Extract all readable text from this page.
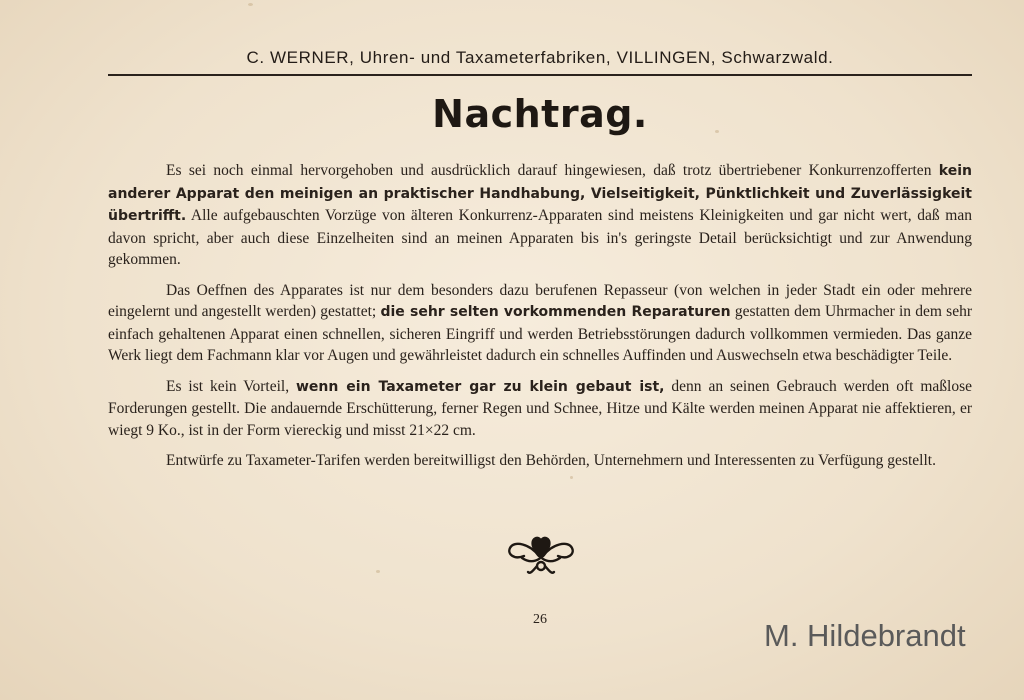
C. WERNER, Uhren- und Taxameterfabriken, VILLINGEN, Schwarzwald.
Nachtrag.

Es sei noch einmal hervorgehoben und ausdrücklich darauf hingewiesen, daß trotz übertriebener Konkurrenzofferten kein anderer Apparat den meinigen an praktischer Handhabung, Vielseitigkeit, Pünktlichkeit und Zuverlässigkeit übertrifft. Alle aufgebauschten Vorzüge von älteren Konkurrenz-Apparaten sind meistens Kleinigkeiten und gar nicht wert, daß man davon spricht, aber auch diese Einzelheiten sind an meinen Apparaten bis in's geringste Detail berücksichtigt und zur Anwendung gekommen.

Das Oeffnen des Apparates ist nur dem besonders dazu berufenen Repasseur (von welchen in jeder Stadt ein oder mehrere eingelernt und angestellt werden) gestattet; die sehr selten vorkommenden Reparaturen gestatten dem Uhrmacher in dem sehr einfach gehaltenen Apparat einen schnellen, sicheren Eingriff und werden Betriebsstörungen dadurch vollkommen vermieden. Das ganze Werk liegt dem Fachmann klar vor Augen und gewährleistet dadurch ein schnelles Auffinden und Auswechseln etwa beschädigter Teile.

Es ist kein Vorteil, wenn ein Taxameter gar zu klein gebaut ist, denn an seinen Gebrauch werden oft maßlose Forderungen gestellt. Die andauernde Erschütterung, ferner Regen und Schnee, Hitze und Kälte werden meinen Apparat nie affektieren, er wiegt 9 Ko., ist in der Form viereckig und misst 21×22 cm.

Entwürfe zu Taxameter-Tarifen werden bereitwilligst den Behörden, Unternehmern und Interessenten zu Verfügung gestellt.

26	M. Hildebrandt
